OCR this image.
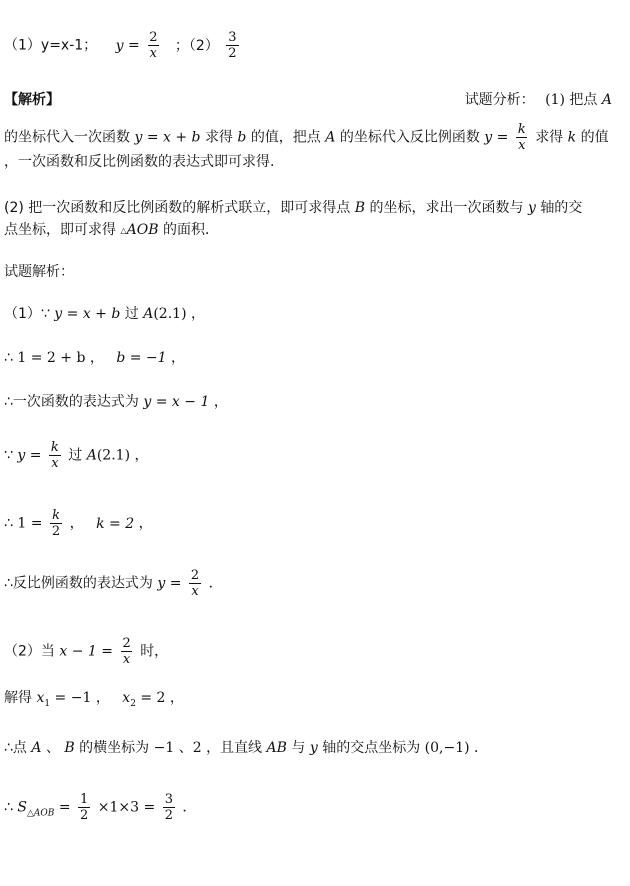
（1）y=x-1； $y = \frac{2}{x}$ ；$(2) \frac{3}{2}$
【解析】	试题分析： (1) 把点 A
的坐标代入一次函数 y = x + b 求得 b 的值，把点 A 的坐标代入反比例函数 $y = \frac{k}{x}$ 求得 k 的值
，一次函数和反比例函数的表达式即可求得.
(2) 把一次函数和反比例函数的解析式联立，即可求得点 B 的坐标，求出一次函数与 y 轴的交
点坐标，即可求得 △AOB 的面积．
试题解析：
（1）∵ y = x + b 过 A(2.1) ，
∴ 1 = 2 + b ， b = −1 ，
∴一次函数的表达式为 y = x − 1 ，
∵ $y = \frac{k}{x}$ 过 A(2.1) ，
∴ $1 = \frac{k}{2}$ ， k = 2 ，
∴反比例函数的表达式为 $y = \frac{2}{x}$ ．
（2）当 $x - 1 = \frac{2}{x}$ 时，
解得 $x_1 = -1$ ， $x_2 = 2$ ，
∴点 A 、 B 的横坐标为 −1 、2 ，且直线 AB 与 y 轴的交点坐标为 (0,−1) ．
∴ $S_{\triangle AOB} = \frac{1}{2} \times 1\times 3 = \frac{3}{2}$ ．
